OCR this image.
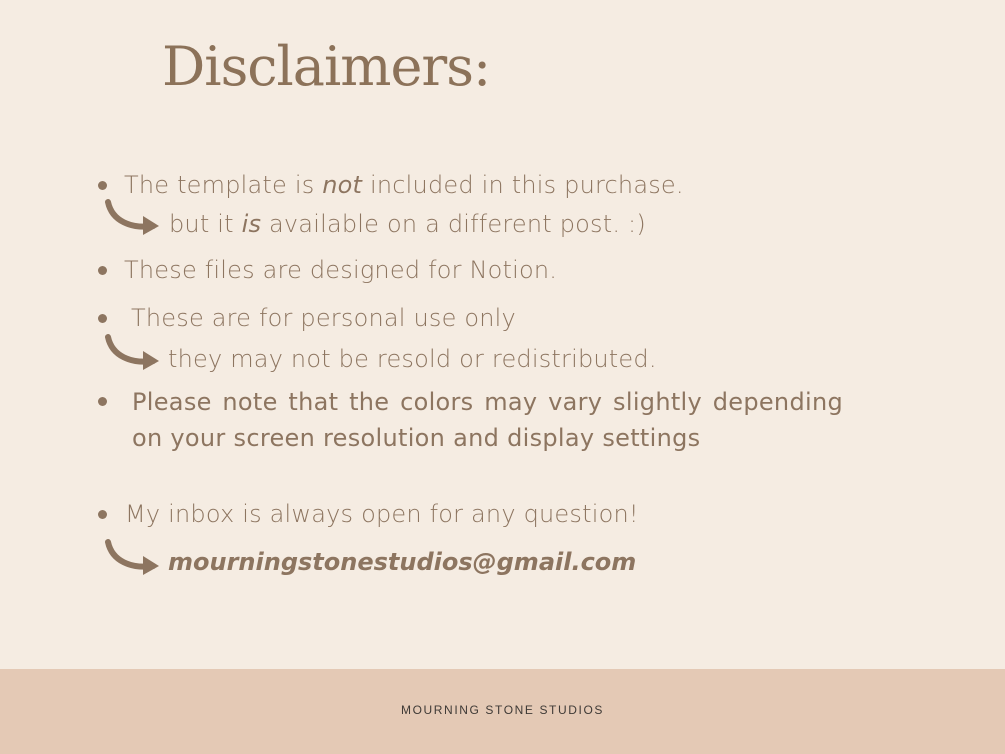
Disclaimers:
The template is not included in this purchase.
but it is available on a different post. :)
These files are designed for Notion.
These are for personal use only
they may not be resold or redistributed.
Please note that the colors may vary slightly depending on your screen resolution and display settings
My inbox is always open for any question!
mourningstonestudios@gmail.com
MOURNING STONE STUDIOS
